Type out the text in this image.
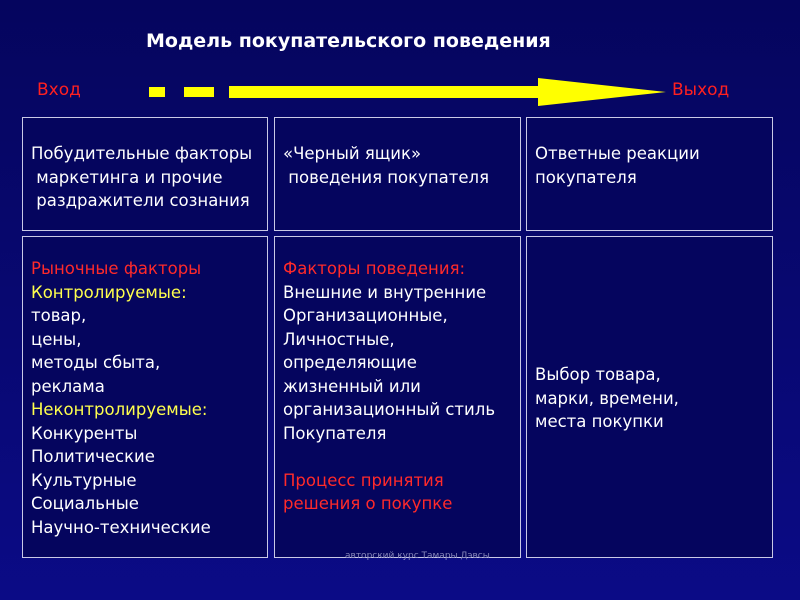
Модель покупательского поведения
Вход	Выход
Побудительные факторы
маркетинга и прочие
раздражители сознания
«Черный ящик»
поведения покупателя
Ответные реакции
покупателя
Рыночные факторы
Контролируемые:
товар,
цены,
методы сбыта,
реклама
Неконтролируемые:
Конкуренты
Политические
Культурные
Социальные
Научно-технические
Факторы поведения:
Внешние и внутренние
Организационные,
Личностные,
определяющие
жизненный или
организационный стиль
Покупателя
Процесс принятия
решения о покупке
Выбор товара,
марки, времени,
места покупки
авторский курс Тамары Дэвсы
